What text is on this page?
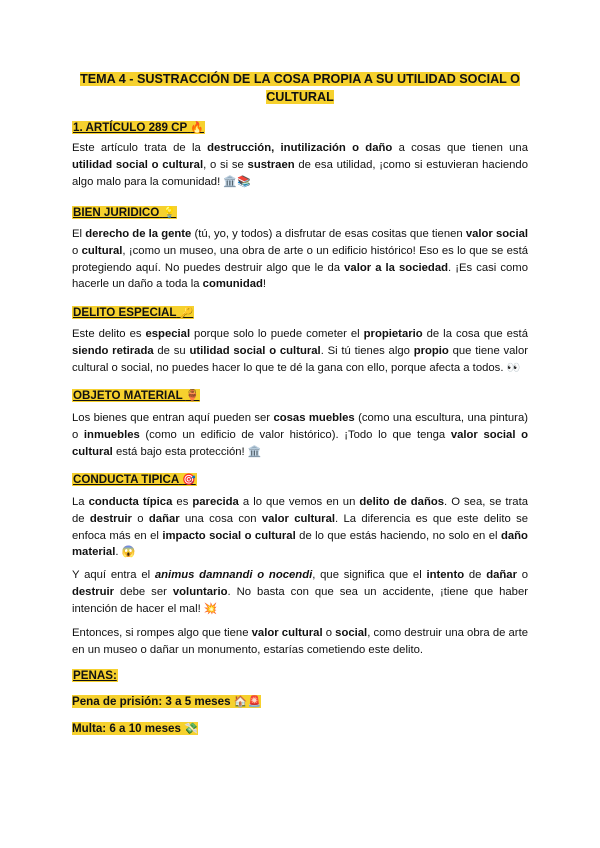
TEMA 4 - SUSTRACCIÓN DE LA COSA PROPIA A SU UTILIDAD SOCIAL O
CULTURAL
1. ARTÍCULO 289 CP 🔥
Este artículo trata de la destrucción, inutilización o daño a cosas que tienen una utilidad social o cultural, o si se sustraen de esa utilidad, ¡como si estuvieran haciendo algo malo para la comunidad! 🏛️📚
BIEN JURIDICO 💡
El derecho de la gente (tú, yo, y todos) a disfrutar de esas cositas que tienen valor social o cultural, ¡como un museo, una obra de arte o un edificio histórico! Eso es lo que se está protegiendo aquí. No puedes destruir algo que le da valor a la sociedad. ¡Es casi como hacerle un daño a toda la comunidad!
DELITO ESPECIAL 🔑
Este delito es especial porque solo lo puede cometer el propietario de la cosa que está siendo retirada de su utilidad social o cultural. Si tú tienes algo propio que tiene valor cultural o social, no puedes hacer lo que te dé la gana con ello, porque afecta a todos. 👀
OBJETO MATERIAL 🏺
Los bienes que entran aquí pueden ser cosas muebles (como una escultura, una pintura) o inmuebles (como un edificio de valor histórico). ¡Todo lo que tenga valor social o cultural está bajo esta protección! 🏛️
CONDUCTA TIPICA 🎯
La conducta típica es parecida a lo que vemos en un delito de daños. O sea, se trata de destruir o dañar una cosa con valor cultural. La diferencia es que este delito se enfoca más en el impacto social o cultural de lo que estás haciendo, no solo en el daño material. 😱
Y aquí entra el animus damnandi o nocendi, que significa que el intento de dañar o destruir debe ser voluntario. No basta con que sea un accidente, ¡tiene que haber intención de hacer el mal! 💥
Entonces, si rompes algo que tiene valor cultural o social, como destruir una obra de arte en un museo o dañar un monumento, estarías cometiendo este delito.
PENAS:
Pena de prisión: 3 a 5 meses 🏠🚨
Multa: 6 a 10 meses 💸
